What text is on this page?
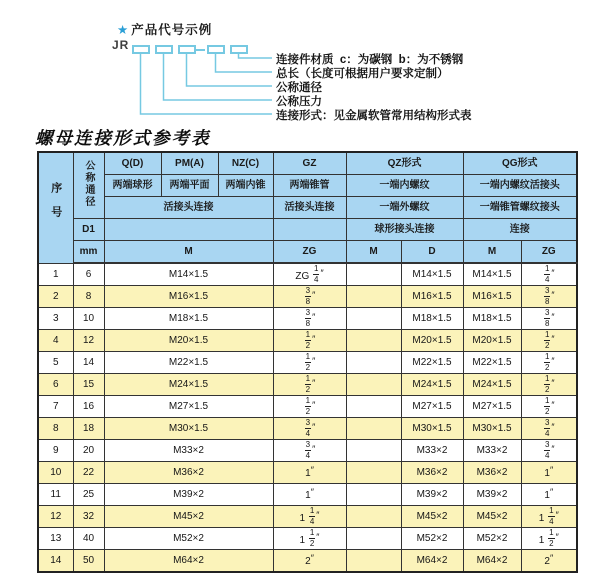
★ 产品代号示例
JR
连接件材质  c：为碳钢  b：为不锈钢
总长（长度可根据用户要求定制）
公称通径
公称压力
连接形式：见金属软管常用结构形式表
螺母连接形式参考表
序号	公称通径	Q(D)	PM(A)	NZ(C)	GZ	QZ形式		QG形式	
		两端球形	两端平面	两端内锥	两端锥管	一端内螺纹		一端内螺纹活接头	
		活接头连接			活接头连接	一端外螺纹		一端锥管螺纹接头	
	D1					球形接头连接		连接	
	mm	M			ZG	M	D	M	ZG
1	6	M14×1.5			ZG $\frac{1}{4}$ ″		M14×1.5	M14×1.5	$\frac{1}{4}$ ″
2	8	M16×1.5			$\frac{3}{8}$ ″		M16×1.5	M16×1.5	$\frac{3}{8}$ ″
3	10	M18×1.5			$\frac{3}{8}$ ″		M18×1.5	M18×1.5	$\frac{3}{8}$ ″
4	12	M20×1.5			$\frac{1}{2}$ ″		M20×1.5	M20×1.5	$\frac{1}{2}$ ″
5	14	M22×1.5			$\frac{1}{2}$ ″		M22×1.5	M22×1.5	$\frac{1}{2}$ ″
6	15	M24×1.5			$\frac{1}{2}$ ″		M24×1.5	M24×1.5	$\frac{1}{2}$ ″
7	16	M27×1.5			$\frac{1}{2}$ ″		M27×1.5	M27×1.5	$\frac{1}{2}$ ″
8	18	M30×1.5			$\frac{3}{4}$ ″		M30×1.5	M30×1.5	$\frac{3}{4}$ ″
9	20	M33×2			$\frac{3}{4}$ ″		M33×2	M33×2	$\frac{3}{4}$ ″
10	22	M36×2			1″		M36×2	M36×2	1″
11	25	M39×2			1″		M39×2	M39×2	1″
12	32	M45×2			$1 \frac{1}{4}$ ″		M45×2	M45×2	$1 \frac{1}{4}$ ″
13	40	M52×2			$1 \frac{1}{2}$ ″		M52×2	M52×2	$1 \frac{1}{2}$ ″
14	50	M64×2			2″		M64×2	M64×2	2″
